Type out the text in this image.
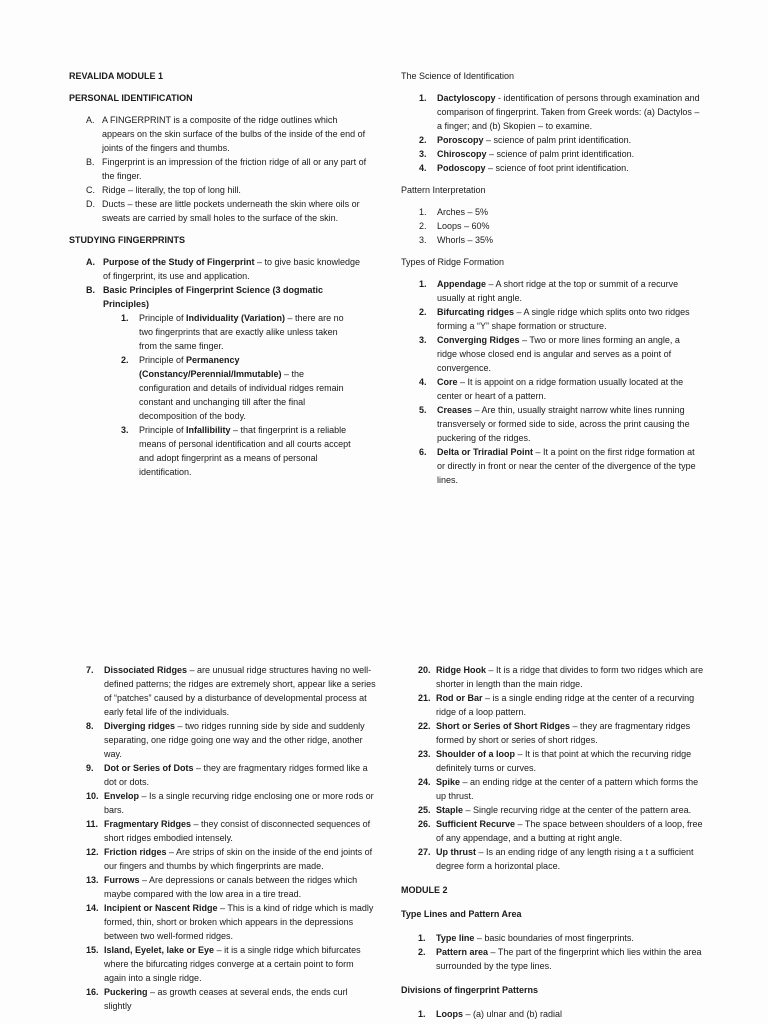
REVALIDA MODULE 1
PERSONAL IDENTIFICATION
A. A FINGERPRINT is a composite of the ridge outlines which appears on the skin surface of the bulbs of the inside of the end of joints of the fingers and thumbs.
B. Fingerprint is an impression of the friction ridge of all or any part of the finger.
C. Ridge – literally, the top of long hill.
D. Ducts – these are little pockets underneath the skin where oils or sweats are carried by small holes to the surface of the skin.
STUDYING FINGERPRINTS
A. Purpose of the Study of Fingerprint – to give basic knowledge of fingerprint, its use and application.
B. Basic Principles of Fingerprint Science (3 dogmatic Principles)
1.	Principle of Individuality (Variation) – there are no two fingerprints that are exactly alike unless taken from the same finger.
2.	Principle of Permanency (Constancy/Perennial/Immutable) – the configuration and details of individual ridges remain constant and unchanging till after the final decomposition of the body.
3.	Principle of Infallibility – that fingerprint is a reliable means of personal identification and all courts accept and adopt fingerprint as a means of personal identification.
The Science of Identification
1.	Dactyloscopy - identification of persons through examination and comparison of fingerprint. Taken from Greek words: (a) Dactylos – a finger; and (b) Skopien – to examine.
2.	Poroscopy – science of palm print identification.
3.	Chiroscopy – science of palm print identification.
4.	Podoscopy – science of foot print identification.
Pattern Interpretation
1.	Arches – 5%
2.	Loops – 60%
3.	Whorls – 35%
Types of Ridge Formation
1.	Appendage – A short ridge at the top or summit of a recurve usually at right angle.
2.	Bifurcating ridges – A single ridge which splits onto two ridges forming a “Y” shape formation or structure.
3.	Converging Ridges – Two or more lines forming an angle, a ridge whose closed end is angular and serves as a point of convergence.
4.	Core – It is appoint on a ridge formation usually located at the center or heart of a pattern.
5.	Creases – Are thin, usually straight narrow white lines running transversely or formed side to side, across the print causing the puckering of the ridges.
6.	Delta or Triradial Point – It a point on the first ridge formation at or directly in front or near the center of the divergence of the type lines.
7.	Dissociated Ridges – are unusual ridge structures having no well-defined patterns; the ridges are extremely short, appear like a series of “patches” caused by a disturbance of developmental process at early fetal life of the individuals.
8.	Diverging ridges – two ridges running side by side and suddenly separating, one ridge going one way and the other ridge, another way.
9.	Dot or Series of Dots – they are fragmentary ridges formed like a dot or dots.
10. Envelop – Is a single recurving ridge enclosing one or more rods or bars.
11. Fragmentary Ridges – they consist of disconnected sequences of short ridges embodied intensely.
12. Friction ridges – Are strips of skin on the inside of the end joints of our fingers and thumbs by which fingerprints are made.
13. Furrows – Are depressions or canals between the ridges which maybe compared with the low area in a tire tread.
14. Incipient or Nascent Ridge – This is a kind of ridge which is madly formed, thin, short or broken which appears in the depressions between two well-formed ridges.
15. Island, Eyelet, lake or Eye – it is a single ridge which bifurcates where the bifurcating ridges converge at a certain point to form again into a single ridge.
16. Puckering – as growth ceases at several ends, the ends curl slightly
20. Ridge Hook – It is a ridge that divides to form two ridges which are shorter in length than the main ridge.
21. Rod or Bar – is a single ending ridge at the center of a recurving ridge of a loop pattern.
22. Short or Series of Short Ridges – they are fragmentary ridges formed by short or series of short ridges.
23. Shoulder of a loop – It is that point at which the recurving ridge definitely turns or curves.
24. Spike – an ending ridge at the center of a pattern which forms the up thrust.
25. Staple – Single recurving ridge at the center of the pattern area.
26. Sufficient Recurve – The space between shoulders of a loop, free of any appendage, and a butting at right angle.
27. Up thrust – Is an ending ridge of any length rising a t a sufficient degree form a horizontal place.
MODULE 2
Type Lines and Pattern Area
1.	Type line – basic boundaries of most fingerprints.
2.	Pattern area – The part of the fingerprint which lies within the area surrounded by the type lines.
Divisions of fingerprint Patterns
1.	Loops – (a) ulnar and (b) radial
